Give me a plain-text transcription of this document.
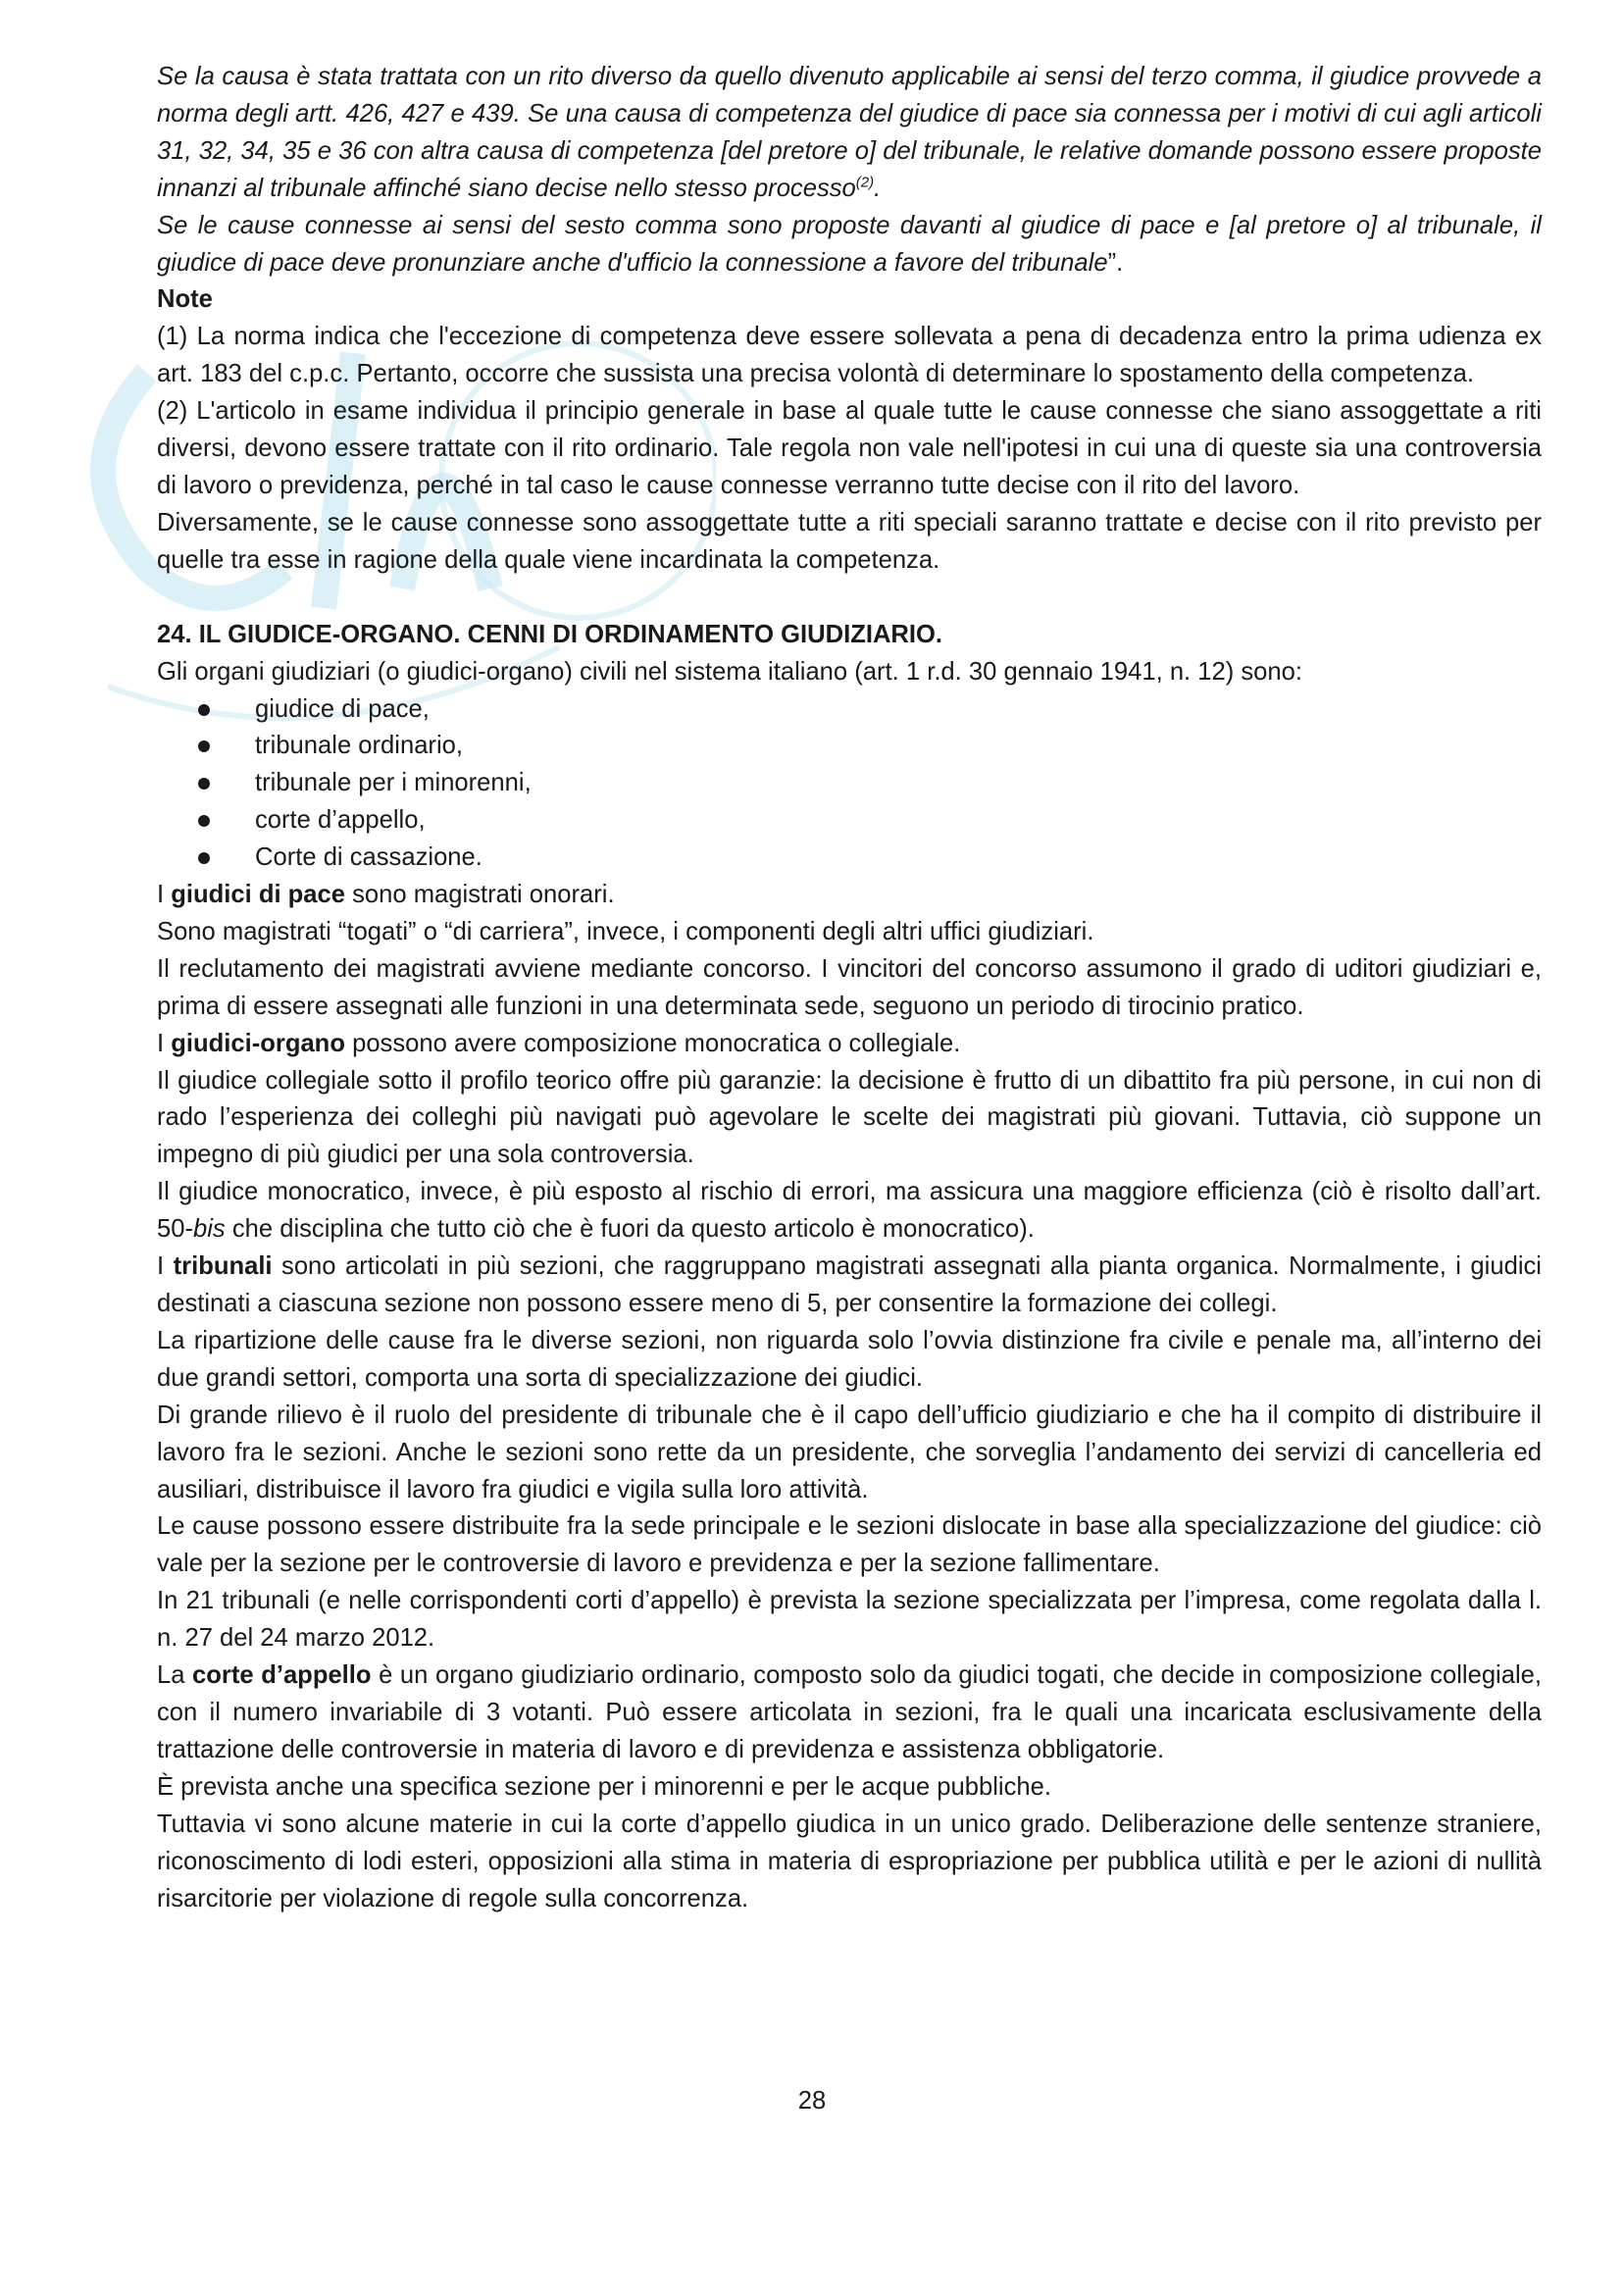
Se la causa è stata trattata con un rito diverso da quello divenuto applicabile ai sensi del terzo comma, il giudice provvede a norma degli artt. 426, 427 e 439. Se una causa di competenza del giudice di pace sia connessa per i motivi di cui agli articoli 31, 32, 34, 35 e 36 con altra causa di competenza [del pretore o] del tribunale, le relative domande possono essere proposte innanzi al tribunale affinché siano decise nello stesso processo$^{(2)}$.

Se le cause connesse ai sensi del sesto comma sono proposte davanti al giudice di pace e [al pretore o] al tribunale, il giudice di pace deve pronunziare anche d'ufficio la connessione a favore del tribunale”.

Note

(1) La norma indica che l'eccezione di competenza deve essere sollevata a pena di decadenza entro la prima udienza ex art. 183 del c.p.c. Pertanto, occorre che sussista una precisa volontà di determinare lo spostamento della competenza.

(2) L'articolo in esame individua il principio generale in base al quale tutte le cause connesse che siano assoggettate a riti diversi, devono essere trattate con il rito ordinario. Tale regola non vale nell'ipotesi in cui una di queste sia una controversia di lavoro o previdenza, perché in tal caso le cause connesse verranno tutte decise con il rito del lavoro.

Diversamente, se le cause connesse sono assoggettate tutte a riti speciali saranno trattate e decise con il rito previsto per quelle tra esse in ragione della quale viene incardinata la competenza.

24. IL GIUDICE-ORGANO. CENNI DI ORDINAMENTO GIUDIZIARIO.

Gli organi giudiziari (o giudici-organo) civili nel sistema italiano (art. 1 r.d. 30 gennaio 1941, n. 12) sono:

giudice di pace,
tribunale ordinario,
tribunale per i minorenni,
corte d’appello,
Corte di cassazione.

I giudici di pace sono magistrati onorari.

Sono magistrati “togati” o “di carriera”, invece, i componenti degli altri uffici giudiziari.

Il reclutamento dei magistrati avviene mediante concorso. I vincitori del concorso assumono il grado di uditori giudiziari e, prima di essere assegnati alle funzioni in una determinata sede, seguono un periodo di tirocinio pratico.

I giudici-organo possono avere composizione monocratica o collegiale.

Il giudice collegiale sotto il profilo teorico offre più garanzie: la decisione è frutto di un dibattito fra più persone, in cui non di rado l’esperienza dei colleghi più navigati può agevolare le scelte dei magistrati più giovani. Tuttavia, ciò suppone un impegno di più giudici per una sola controversia.

Il giudice monocratico, invece, è più esposto al rischio di errori, ma assicura una maggiore efficienza (ciò è risolto dall’art. 50-bis che disciplina che tutto ciò che è fuori da questo articolo è monocratico).

I tribunali sono articolati in più sezioni, che raggruppano magistrati assegnati alla pianta organica. Normalmente, i giudici destinati a ciascuna sezione non possono essere meno di 5, per consentire la formazione dei collegi.

La ripartizione delle cause fra le diverse sezioni, non riguarda solo l’ovvia distinzione fra civile e penale ma, all’interno dei due grandi settori, comporta una sorta di specializzazione dei giudici.

Di grande rilievo è il ruolo del presidente di tribunale che è il capo dell’ufficio giudiziario e che ha il compito di distribuire il lavoro fra le sezioni. Anche le sezioni sono rette da un presidente, che sorveglia l’andamento dei servizi di cancelleria ed ausiliari, distribuisce il lavoro fra giudici e vigila sulla loro attività.

Le cause possono essere distribuite fra la sede principale e le sezioni dislocate in base alla specializzazione del giudice: ciò vale per la sezione per le controversie di lavoro e previdenza e per la sezione fallimentare.

In 21 tribunali (e nelle corrispondenti corti d’appello) è prevista la sezione specializzata per l’impresa, come regolata dalla l. n. 27 del 24 marzo 2012.

La corte d’appello è un organo giudiziario ordinario, composto solo da giudici togati, che decide in composizione collegiale, con il numero invariabile di 3 votanti. Può essere articolata in sezioni, fra le quali una incaricata esclusivamente della trattazione delle controversie in materia di lavoro e di previdenza e assistenza obbligatorie.

È prevista anche una specifica sezione per i minorenni e per le acque pubbliche.

Tuttavia vi sono alcune materie in cui la corte d’appello giudica in un unico grado. Deliberazione delle sentenze straniere, riconoscimento di lodi esteri, opposizioni alla stima in materia di espropriazione per pubblica utilità e per le azioni di nullità risarcitorie per violazione di regole sulla concorrenza.

28
